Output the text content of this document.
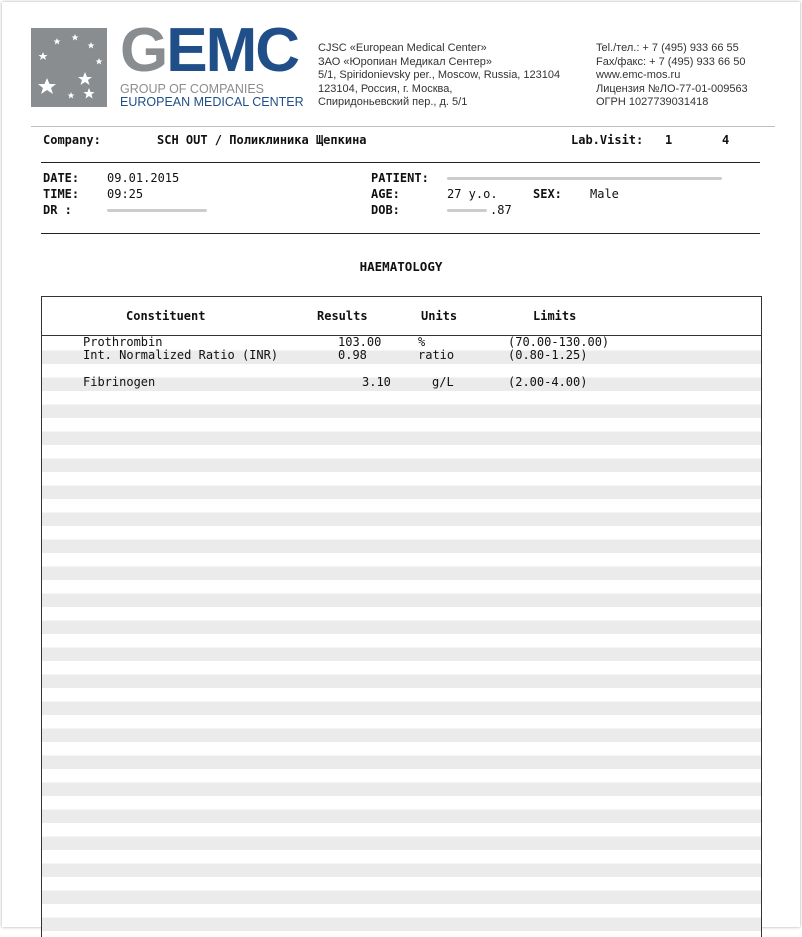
GEMC
GROUP OF COMPANIES
EUROPEAN MEDICAL CENTER
CJSC «European Medical Center»
ЗАО «Юропиан Медикал Сентер»
5/1, Spiridonievsky per., Moscow, Russia, 123104
123104, Россия, г. Москва,
Спиридоньевский пер., д. 5/1
Tel./тел.: + 7 (495) 933 66 55
Fax/факс: + 7 (495) 933 66 50
www.emc-mos.ru
Лицензия №ЛО-77-01-009563
ОГРН 1027739031418
Company:	SCH OUT / Поликлиника Щепкина	Lab.Visit: 1	4
DATE: 09.01.2015
TIME: 09:25
DR :
PATIENT:
AGE:	27 y.o.	SEX: Male
DOB:	.87
HAEMATOLOGY
Constituent	Results	Units	Limits
Prothrombin	103.00	%	(70.00-130.00)
Int. Normalized Ratio (INR)	0.98	ratio	(0.80-1.25)
Fibrinogen	3.10	g/L	(2.00-4.00)
